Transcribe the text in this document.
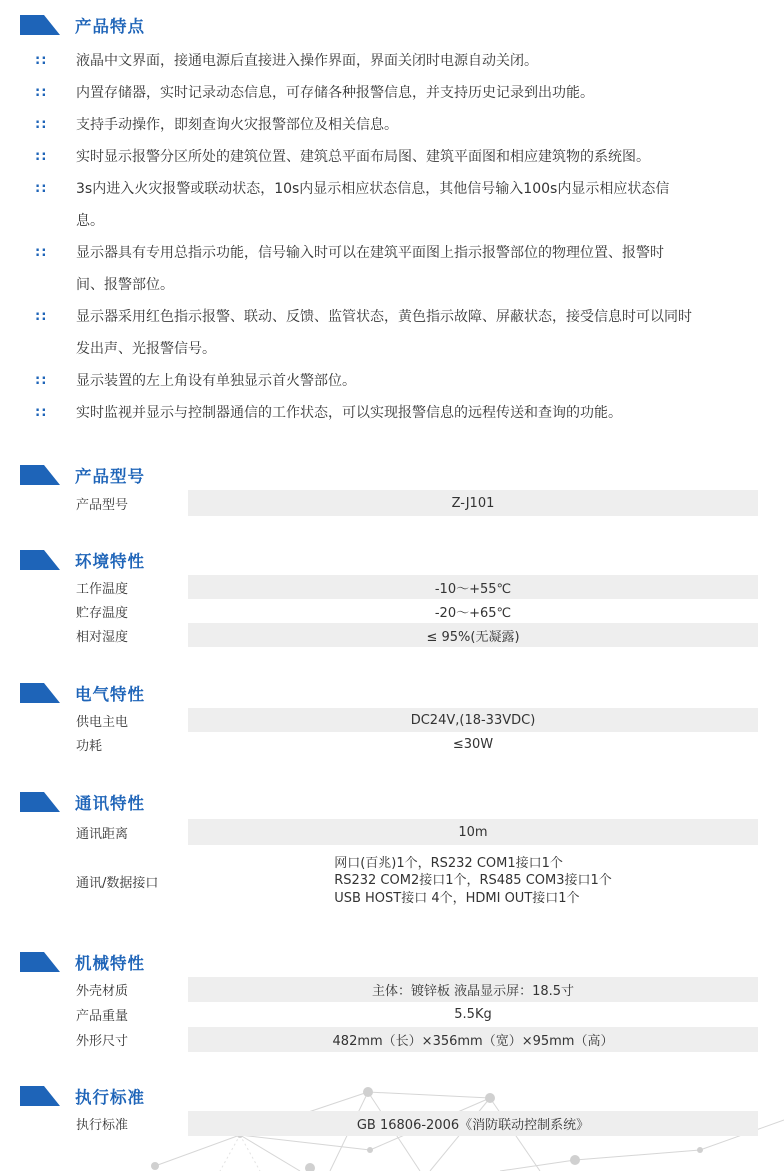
产品特点
:: 液晶中文界面，接通电源后直接进入操作界面，界面关闭时电源自动关闭。
:: 内置存储器，实时记录动态信息，可存储各种报警信息，并支持历史记录到出功能。
:: 支持手动操作，即刻查询火灾报警部位及相关信息。
:: 实时显示报警分区所处的建筑位置、建筑总平面布局图、建筑平面图和相应建筑物的系统图。
:: 3s内进入火灾报警或联动状态，10s内显示相应状态信息，其他信号输入100s内显示相应状态信
息。
:: 显示器具有专用总指示功能，信号输入时可以在建筑平面图上指示报警部位的物理位置、报警时
间、报警部位。
:: 显示器采用红色指示报警、联动、反馈、监管状态，黄色指示故障、屏蔽状态，接受信息时可以同时
发出声、光报警信号。
:: 显示装置的左上角设有单独显示首火警部位。
:: 实时监视并显示与控制器通信的工作状态，可以实现报警信息的远程传送和查询的功能。
产品型号
产品型号	Z-J101
环境特性
工作温度	-10～+55℃
贮存温度	-20～+65℃
相对湿度	≤ 95%(无凝露)
电气特性
供电主电	DC24V,(18-33VDC)
功耗	≤30W
通讯特性
通讯距离	10m
通讯/数据接口
网口(百兆)1个，RS232 COM1接口1个
RS232 COM2接口1个，RS485 COM3接口1个
USB HOST接口 4个，HDMI OUT接口1个
机械特性
外壳材质	主体：镀锌板 液晶显示屏：18.5寸
产品重量	5.5Kg
外形尺寸	482mm（长）×356mm（宽）×95mm（高）
执行标准
执行标准	GB 16806-2006《消防联动控制系统》
